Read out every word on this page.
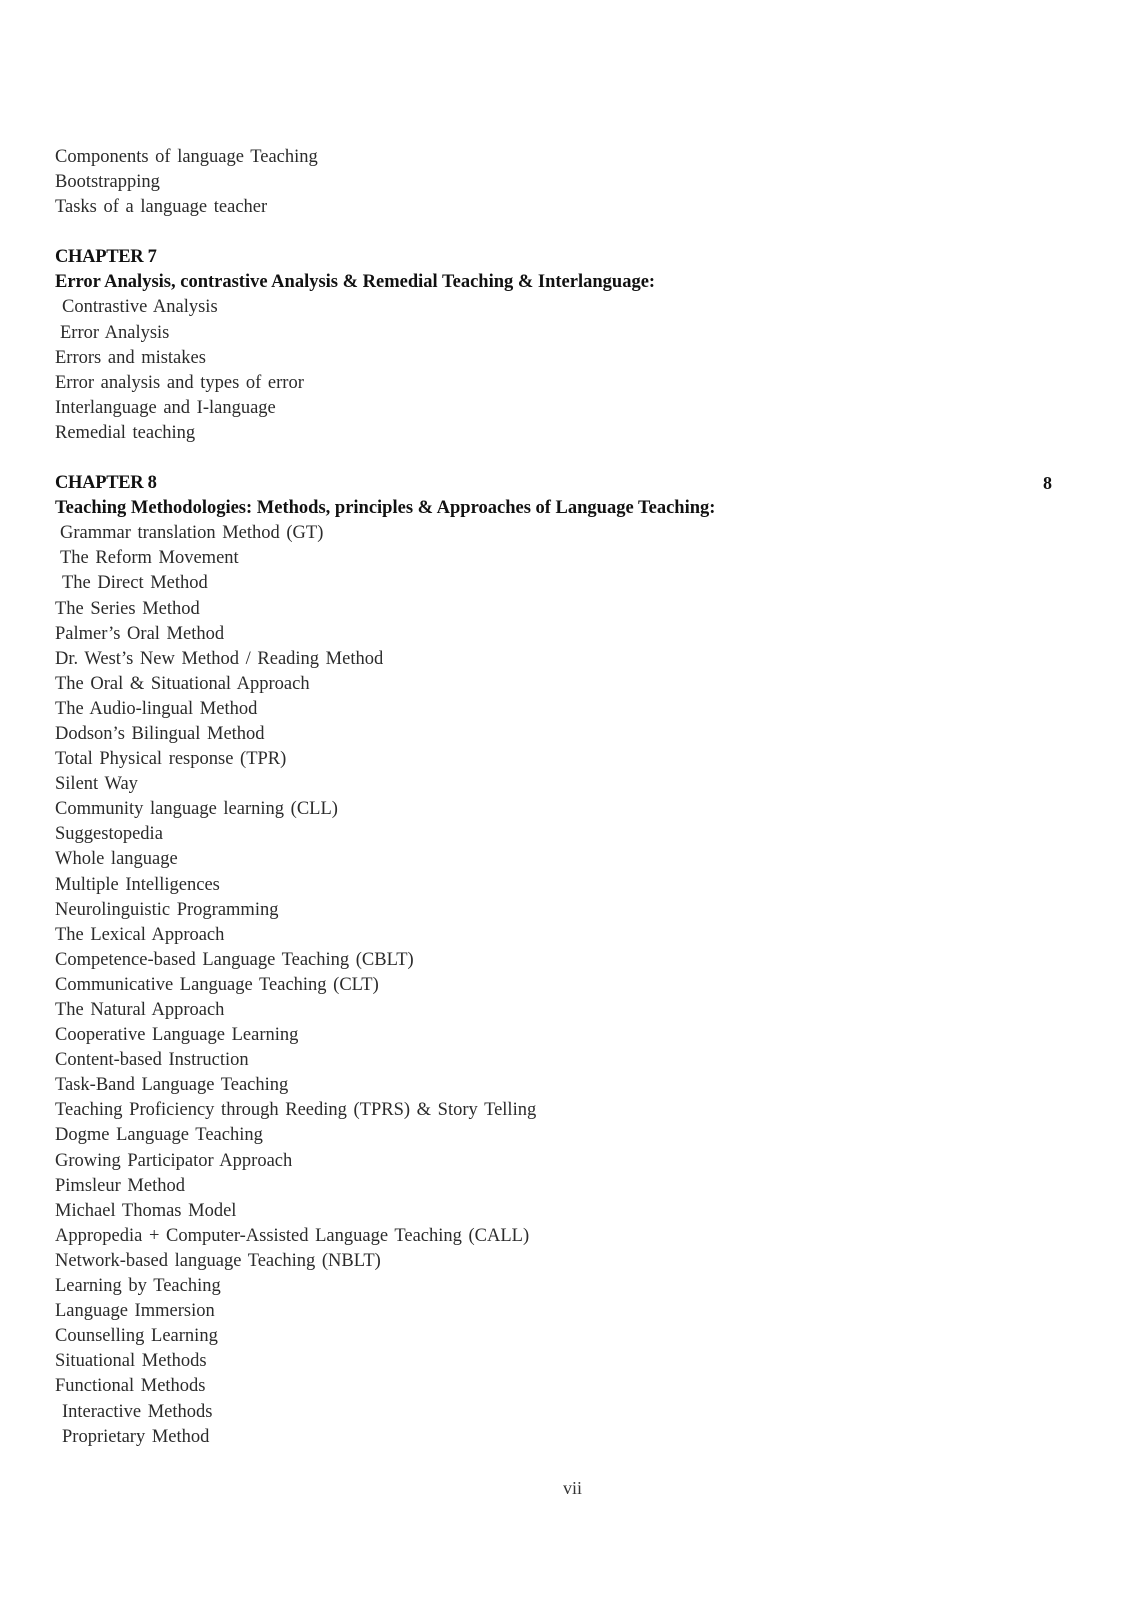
Components of language Teaching
Bootstrapping
Tasks of a language teacher
CHAPTER 7
Error Analysis, contrastive Analysis & Remedial Teaching & Interlanguage:
Contrastive Analysis
Error Analysis
Errors and mistakes
Error analysis and types of error
Interlanguage and I-language
Remedial teaching
CHAPTER 8
Teaching Methodologies: Methods, principles & Approaches of Language Teaching:
Grammar translation Method (GT)
The Reform Movement
The Direct Method
The Series Method
Palmer’s Oral Method
Dr. West’s New Method / Reading Method
The Oral & Situational Approach
The Audio-lingual Method
Dodson’s Bilingual Method
Total Physical response (TPR)
Silent Way
Community language learning (CLL)
Suggestopedia
Whole language
Multiple Intelligences
Neurolinguistic Programming
The Lexical Approach
Competence-based Language Teaching (CBLT)
Communicative Language Teaching (CLT)
The Natural Approach
Cooperative Language Learning
Content-based Instruction
Task-Band Language Teaching
Teaching Proficiency through Reeding (TPRS) & Story Telling
Dogme Language Teaching
Growing Participator Approach
Pimsleur Method
Michael Thomas Model
Appropedia + Computer-Assisted Language Teaching (CALL)
Network-based language Teaching (NBLT)
Learning by Teaching
Language Immersion
Counselling Learning
Situational Methods
Functional Methods
Interactive Methods
Proprietary Method
8
vii
